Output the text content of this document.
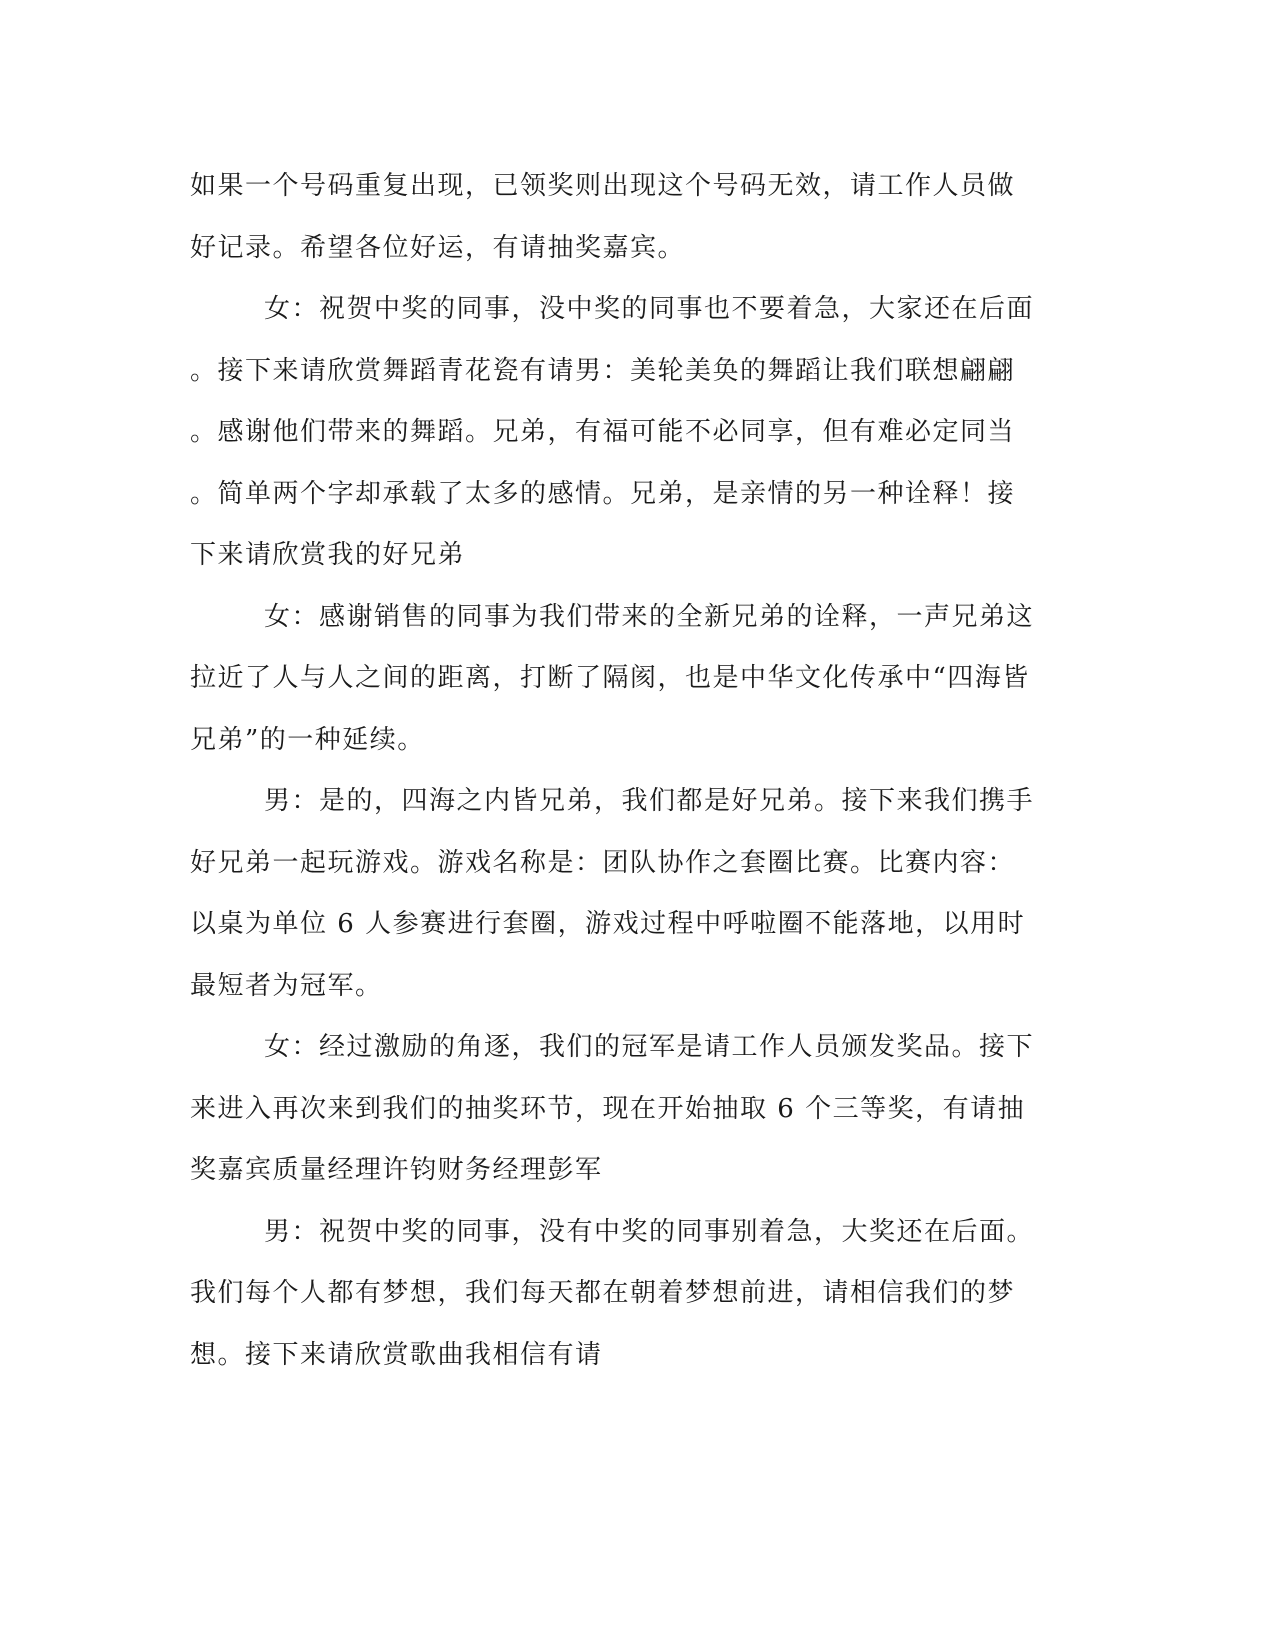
如果一个号码重复出现，已领奖则出现这个号码无效，请工作人员做
好记录。希望各位好运，有请抽奖嘉宾。
女：祝贺中奖的同事，没中奖的同事也不要着急，大家还在后面
。接下来请欣赏舞蹈青花瓷有请男：美轮美奂的舞蹈让我们联想翩翩
。感谢他们带来的舞蹈。兄弟，有福可能不必同享，但有难必定同当
。简单两个字却承载了太多的感情。兄弟，是亲情的另一种诠释！接
下来请欣赏我的好兄弟
女：感谢销售的同事为我们带来的全新兄弟的诠释，一声兄弟这
拉近了人与人之间的距离，打断了隔阂，也是中华文化传承中“四海皆
兄弟”的一种延续。
男：是的，四海之内皆兄弟，我们都是好兄弟。接下来我们携手
好兄弟一起玩游戏。游戏名称是：团队协作之套圈比赛。比赛内容：
以桌为单位 6 人参赛进行套圈，游戏过程中呼啦圈不能落地，以用时
最短者为冠军。
女：经过激励的角逐，我们的冠军是请工作人员颁发奖品。接下
来进入再次来到我们的抽奖环节，现在开始抽取 6 个三等奖，有请抽
奖嘉宾质量经理许钧财务经理彭军
男：祝贺中奖的同事，没有中奖的同事别着急，大奖还在后面。
我们每个人都有梦想，我们每天都在朝着梦想前进，请相信我们的梦
想。接下来请欣赏歌曲我相信有请
